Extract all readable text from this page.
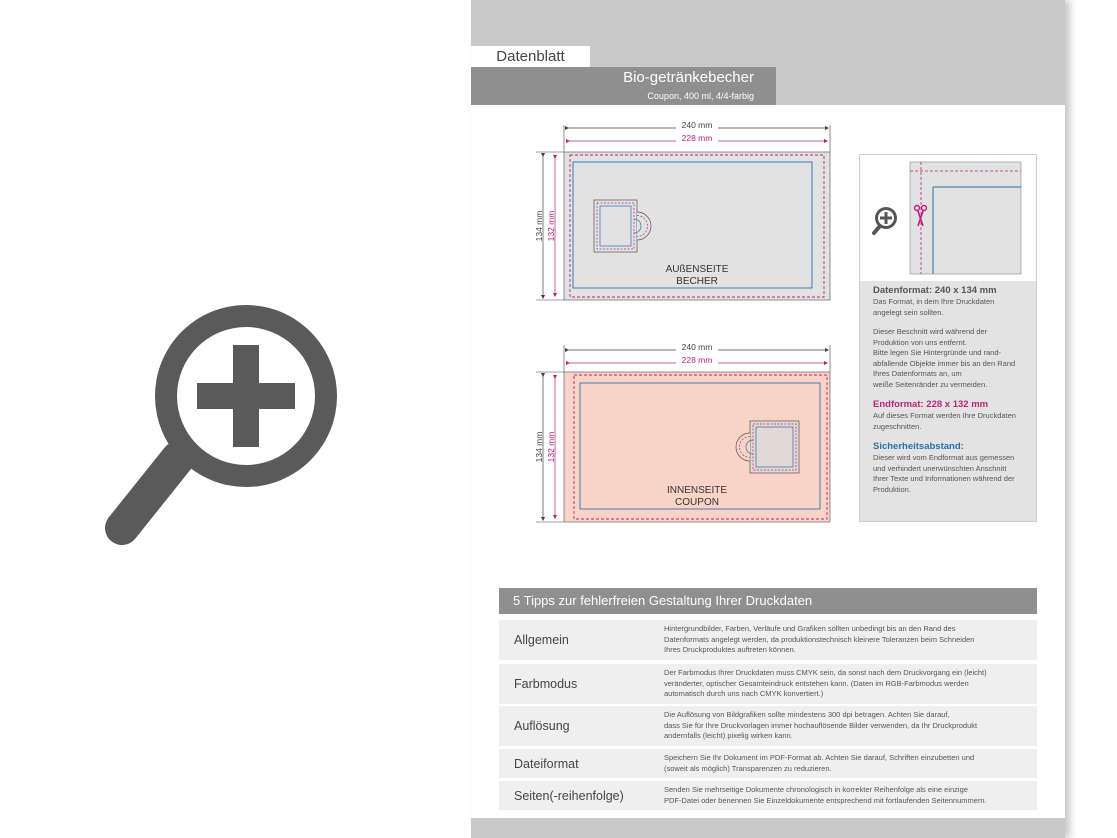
Datenblatt
Bio-getränkebecher
Coupon, 400 ml, 4/4-farbig
240 mm
228 mm
134 mm 132 mm
AUßENSEITE
BECHER
240 mm
228 mm
134 mm 132 mm
INNENSEITE
COUPON

Datenformat: 240 x 134 mm

Das Format, in dem Ihre Druckdaten

angelegt sein sollten.

Dieser Beschnitt wird während der

Produktion von uns entfernt.

Bitte legen Sie Hintergründe und rand-

abfallende Objekte immer bis an den Rand

Ihres Datenformats an, um

weiße Seitenränder zu vermeiden.

Endformat: 228 x 132 mm

Auf dieses Format werden Ihre Druckdaten

zugeschnitten.

Sicherheitsabstand:

Dieser wird vom Endformat aus gemessen

und verhindert unerwünschten Anschnitt

Ihrer Texte und Informationen während der

Produktion.

5 Tipps zur fehlerfreien Gestaltung Ihrer Druckdaten
Allgemein
Hintergrundbilder, Farben, Verläufe und Grafiken sollten unbedingt bis an den Rand des
Datenformats angelegt werden, da produktionstechnisch kleinere Toleranzen beim Schneiden
Ihres Druckproduktes auftreten können.
Farbmodus
Der Farbmodus Ihrer Druckdaten muss CMYK sein, da sonst nach dem Druckvorgang ein (leicht)
veränderter, optischer Gesamteindruck entstehen kann. (Daten im RGB-Farbmodus werden
automatisch durch uns nach CMYK konvertiert.)
Auflösung
Die Auflösung von Bildgrafiken sollte mindestens 300 dpi betragen. Achten Sie darauf,
dass Sie für Ihre Druckvorlagen immer hochauflösende Bilder verwenden, da Ihr Druckprodukt
andernfalls (leicht) pixelig wirken kann.
Dateiformat	Speichern Sie Ihr Dokument im PDF-Format ab. Achten Sie darauf, Schriften einzubetten und
(soweit als möglich) Transparenzen zu reduzieren.
Seiten(-reihenfolge)	Senden Sie mehrseitige Dokumente chronologisch in korrekter Reihenfolge als eine einzige
PDF-Datei oder benennen Sie Einzeldokumente entsprechend mit fortlaufenden Seitennummern.
